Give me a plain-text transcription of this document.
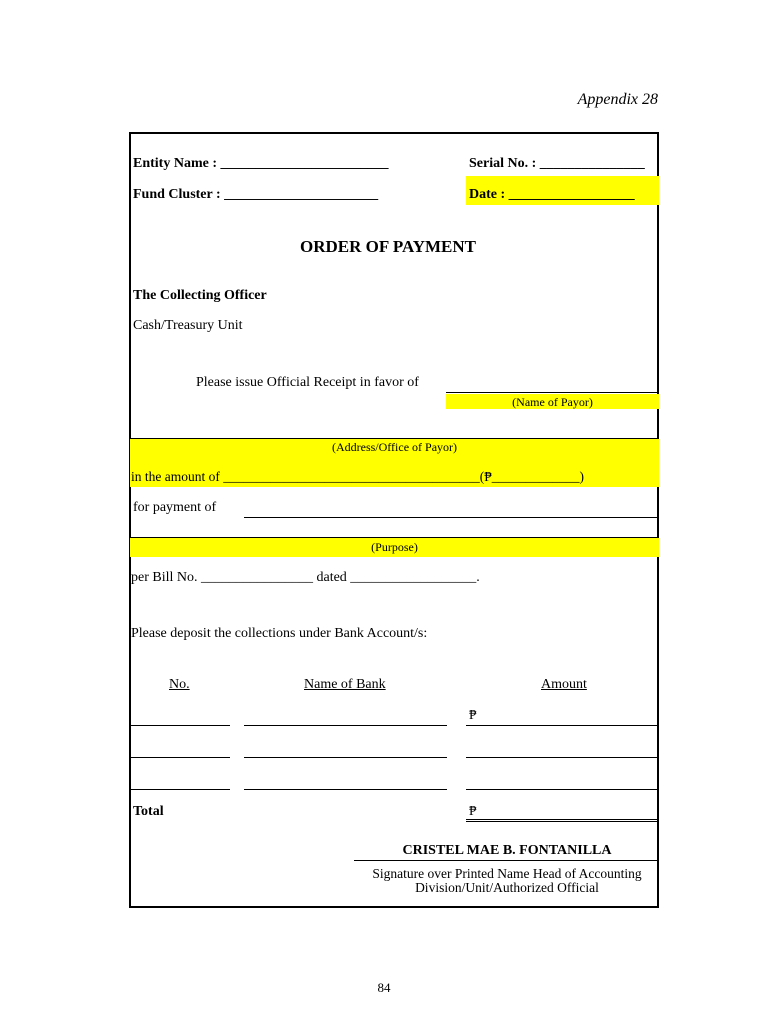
Appendix 28
Entity Name : ________________________
Fund Cluster : ______________________
Serial No. : _______________
Date : __________________
ORDER OF PAYMENT
The Collecting Officer
Cash/Treasury Unit
Please issue Official Receipt in favor of
(Name of Payor)
(Address/Office of Payor)
in the amount of ______________________________________(₱_____________)
for payment of
(Purpose)
per Bill No. ________________ dated __________________.
Please deposit the collections under Bank Account/s:
No.	Name of Bank	Amount
₱
Total	₱
CRISTEL MAE B. FONTANILLA
Signature over Printed Name Head of Accounting
Division/Unit/Authorized Official
84
